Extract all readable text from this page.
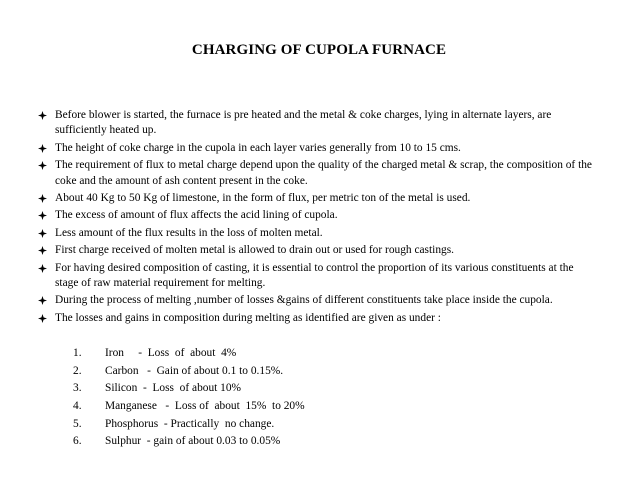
CHARGING OF CUPOLA FURNACE
Before blower is started, the furnace is pre heated and the metal & coke charges, lying in alternate layers, are sufficiently heated up.
The height of coke charge in the cupola in each layer varies generally from 10 to 15 cms.
The requirement of flux to metal charge depend upon the quality of the charged metal & scrap, the composition of the coke and the amount of ash content present in the coke.
About 40 Kg to 50 Kg of limestone, in the form of flux, per metric ton of the metal is used.
The excess of amount of flux affects the acid lining of cupola.
Less amount of the flux results in the loss of molten metal.
First charge received of molten metal is allowed to drain out or used for rough castings.
For having desired composition of casting, it is essential to control the proportion of its various constituents at the stage of raw material requirement for melting.
During the process of melting ,number of losses &gains of different constituents take place inside the cupola.
The losses and gains in composition during melting as identified are given as under :
1.	Iron     -  Loss  of  about  4%
2.	Carbon   -  Gain of about 0.1 to 0.15%.
3.	Silicon  -  Loss  of about 10%
4.	Manganese   -  Loss of  about  15%  to 20%
5.	Phosphorus  - Practically  no change.
6.	Sulphur  - gain of about 0.03 to 0.05%
